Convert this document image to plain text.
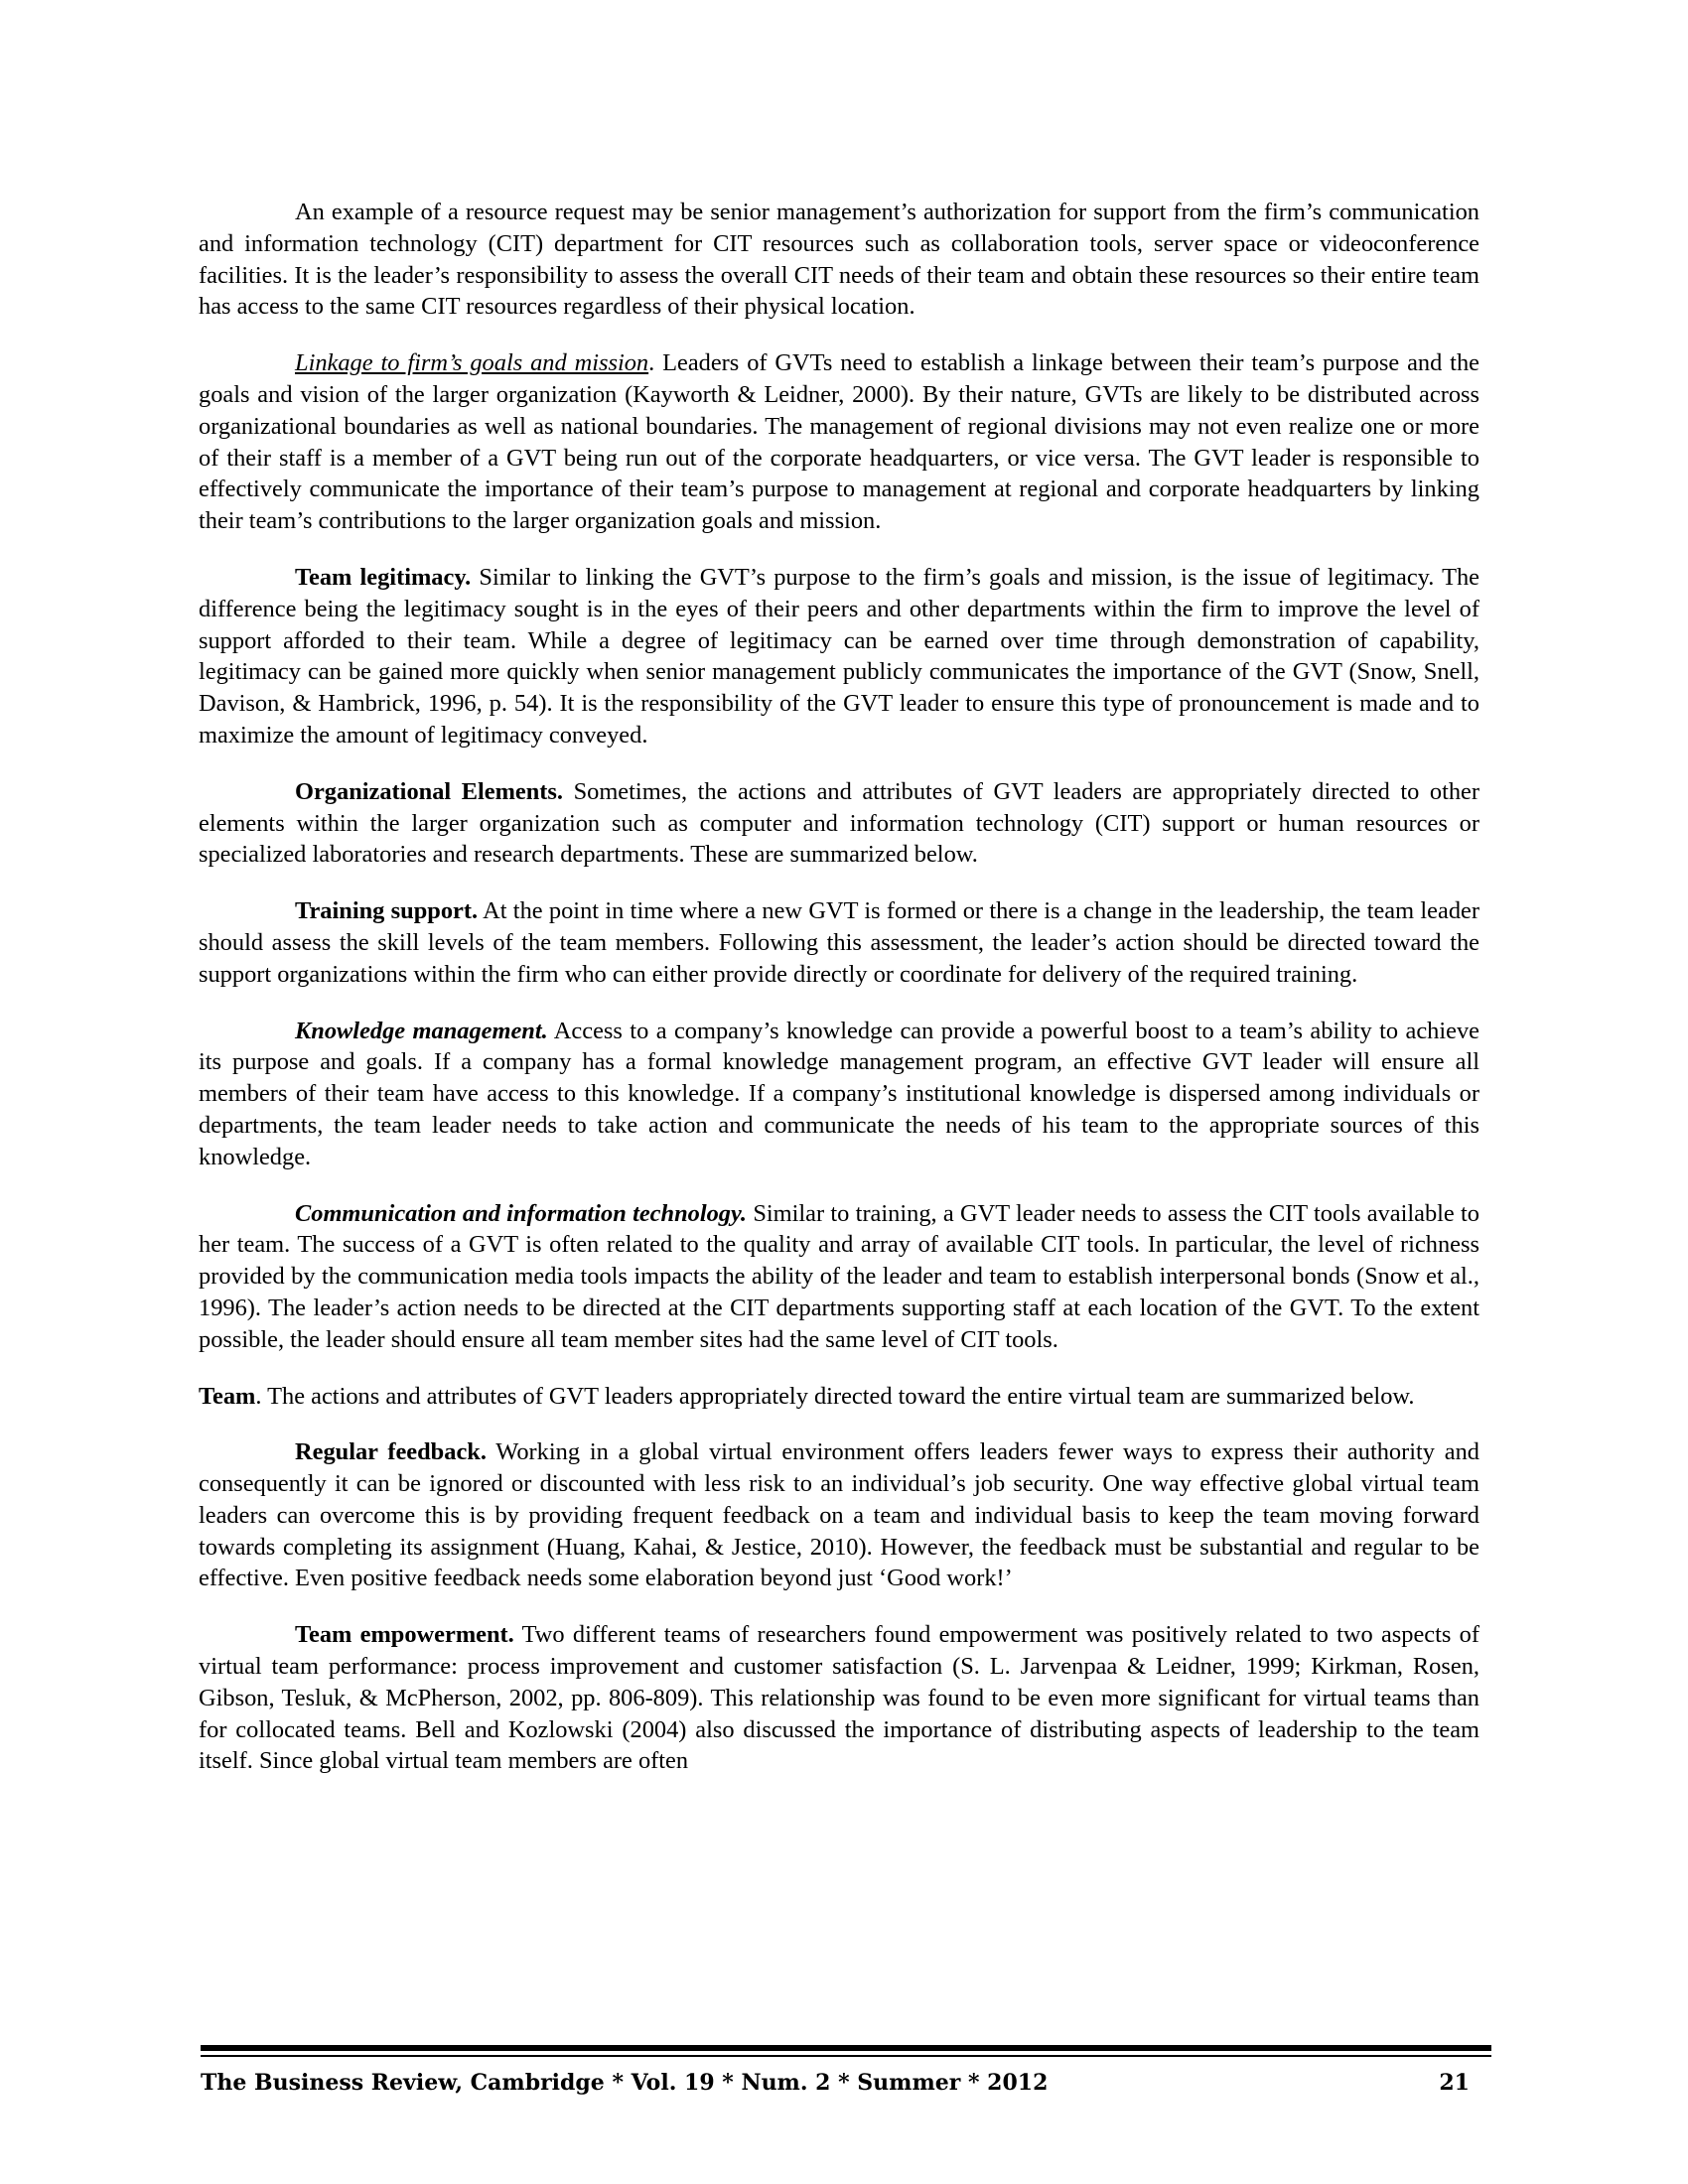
An example of a resource request may be senior management’s authorization for support from the firm’s communication and information technology (CIT) department for CIT resources such as collaboration tools, server space or videoconference facilities. It is the leader’s responsibility to assess the overall CIT needs of their team and obtain these resources so their entire team has access to the same CIT resources regardless of their physical location.

Linkage to firm’s goals and mission. Leaders of GVTs need to establish a linkage between their team’s purpose and the goals and vision of the larger organization (Kayworth & Leidner, 2000). By their nature, GVTs are likely to be distributed across organizational boundaries as well as national boundaries. The management of regional divisions may not even realize one or more of their staff is a member of a GVT being run out of the corporate headquarters, or vice versa. The GVT leader is responsible to effectively communicate the importance of their team’s purpose to management at regional and corporate headquarters by linking their team’s contributions to the larger organization goals and mission.

Team legitimacy. Similar to linking the GVT’s purpose to the firm’s goals and mission, is the issue of legitimacy. The difference being the legitimacy sought is in the eyes of their peers and other departments within the firm to improve the level of support afforded to their team. While a degree of legitimacy can be earned over time through demonstration of capability, legitimacy can be gained more quickly when senior management publicly communicates the importance of the GVT (Snow, Snell, Davison, & Hambrick, 1996, p. 54). It is the responsibility of the GVT leader to ensure this type of pronouncement is made and to maximize the amount of legitimacy conveyed.

Organizational Elements. Sometimes, the actions and attributes of GVT leaders are appropriately directed to other elements within the larger organization such as computer and information technology (CIT) support or human resources or specialized laboratories and research departments. These are summarized below.

Training support. At the point in time where a new GVT is formed or there is a change in the leadership, the team leader should assess the skill levels of the team members. Following this assessment, the leader’s action should be directed toward the support organizations within the firm who can either provide directly or coordinate for delivery of the required training.

Knowledge management. Access to a company’s knowledge can provide a powerful boost to a team’s ability to achieve its purpose and goals. If a company has a formal knowledge management program, an effective GVT leader will ensure all members of their team have access to this knowledge. If a company’s institutional knowledge is dispersed among individuals or departments, the team leader needs to take action and communicate the needs of his team to the appropriate sources of this knowledge.

Communication and information technology. Similar to training, a GVT leader needs to assess the CIT tools available to her team. The success of a GVT is often related to the quality and array of available CIT tools. In particular, the level of richness provided by the communication media tools impacts the ability of the leader and team to establish interpersonal bonds (Snow et al., 1996). The leader’s action needs to be directed at the CIT departments supporting staff at each location of the GVT. To the extent possible, the leader should ensure all team member sites had the same level of CIT tools.

Team. The actions and attributes of GVT leaders appropriately directed toward the entire virtual team are summarized below.

Regular feedback. Working in a global virtual environment offers leaders fewer ways to express their authority and consequently it can be ignored or discounted with less risk to an individual’s job security. One way effective global virtual team leaders can overcome this is by providing frequent feedback on a team and individual basis to keep the team moving forward towards completing its assignment (Huang, Kahai, & Jestice, 2010). However, the feedback must be substantial and regular to be effective. Even positive feedback needs some elaboration beyond just ‘Good work!’

Team empowerment. Two different teams of researchers found empowerment was positively related to two aspects of virtual team performance: process improvement and customer satisfaction (S. L. Jarvenpaa & Leidner, 1999; Kirkman, Rosen, Gibson, Tesluk, & McPherson, 2002, pp. 806-809). This relationship was found to be even more significant for virtual teams than for collocated teams. Bell and Kozlowski (2004) also discussed the importance of distributing aspects of leadership to the team itself. Since global virtual team members are often

The Business Review, Cambridge * Vol. 19 * Num. 2 * Summer * 2012	21
